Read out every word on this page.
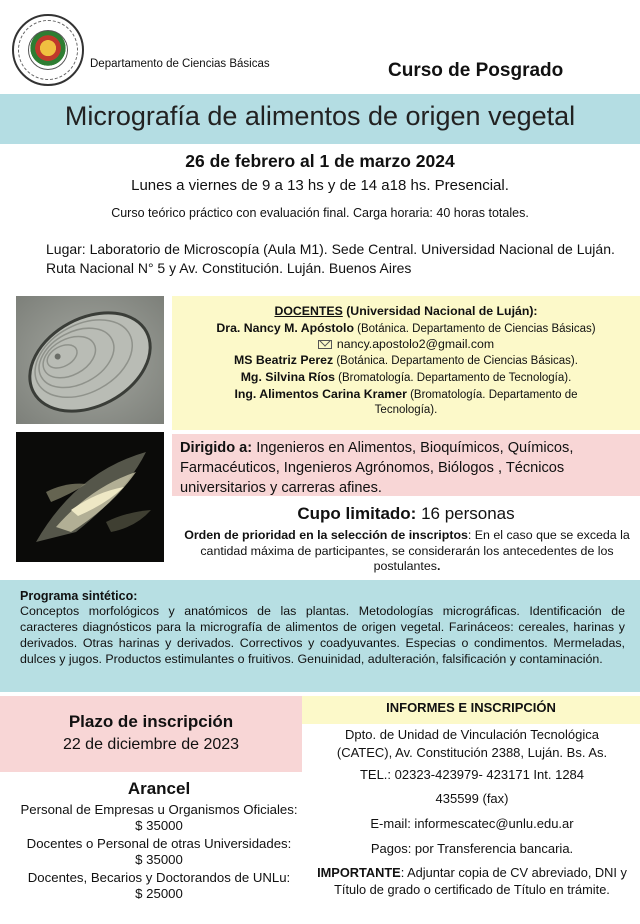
Departamento de Ciencias Básicas	Curso de Posgrado
Micrografía de alimentos de origen vegetal
26 de febrero al 1 de marzo 2024
Lunes a viernes de 9 a 13 hs y de 14 a18 hs. Presencial.
Curso teórico práctico con evaluación final. Carga horaria: 40 horas totales.
Lugar: Laboratorio de Microscopía (Aula M1). Sede Central. Universidad Nacional de Luján. Ruta Nacional N° 5 y Av. Constitución. Luján. Buenos Aires
DOCENTES (Universidad Nacional de Luján):
Dra. Nancy M. Apóstolo (Botánica. Departamento de Ciencias Básicas)
nancy.apostolo2@gmail.com
MS Beatriz Perez (Botánica. Departamento de Ciencias Básicas).
Mg. Silvina Ríos (Bromatología. Departamento de Tecnología).
Ing. Alimentos Carina Kramer (Bromatología. Departamento de
Tecnología).
Dirigido a: Ingenieros en Alimentos, Bioquímicos, Químicos, Farmacéuticos, Ingenieros Agrónomos, Biólogos , Técnicos universitarios y carreras afines.
Cupo limitado: 16 personas
Orden de prioridad en la selección de inscriptos: En el caso que se exceda la cantidad máxima de participantes, se considerarán los antecedentes de los postulantes.
Programa sintético:
Conceptos morfológicos y anatómicos de las plantas. Metodologías micrográficas. Identificación de caracteres diagnósticos para la micrografía de alimentos de origen vegetal. Farináceos: cereales, harinas y derivados. Otras harinas y derivados. Correctivos y coadyuvantes. Especias o condimentos. Mermeladas, dulces y jugos. Productos estimulantes o fruitivos. Genuinidad, adulteración, falsificación y contaminación.
Plazo de inscripción
22 de diciembre de 2023
Arancel
Personal de Empresas u Organismos Oficiales:
$ 35000
Docentes o Personal de otras Universidades:
$ 35000
Docentes, Becarios y Doctorandos de UNLu:
$ 25000
INFORMES E INSCRIPCIÓN
Dpto. de Unidad de Vinculación Tecnológica
(CATEC), Av. Constitución 2388, Luján. Bs. As.
TEL.: 02323-423979- 423171 Int. 1284
435599 (fax)
E-mail: informescatec@unlu.edu.ar
Pagos: por Transferencia bancaria.
IMPORTANTE: Adjuntar copia de CV abreviado, DNI y Título de grado o certificado de Título en trámite.
